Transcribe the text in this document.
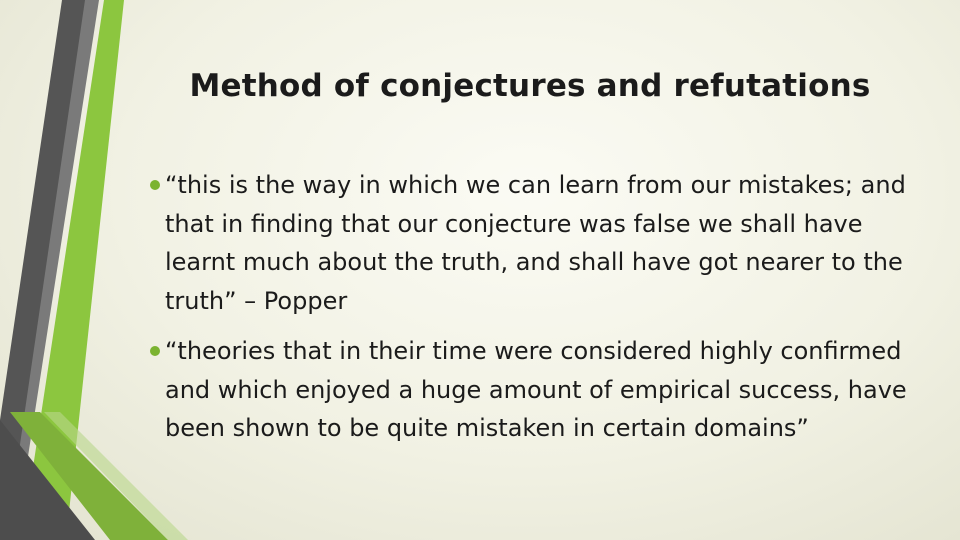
Method of conjectures and refutations
“this is the way in which we can learn from our mistakes; and that in finding that our conjecture was false we shall have learnt much about the truth, and shall have got nearer to the truth” – Popper
“theories that in their time were considered highly confirmed and which enjoyed a huge amount of empirical success, have been shown to be quite mistaken in certain domains”
